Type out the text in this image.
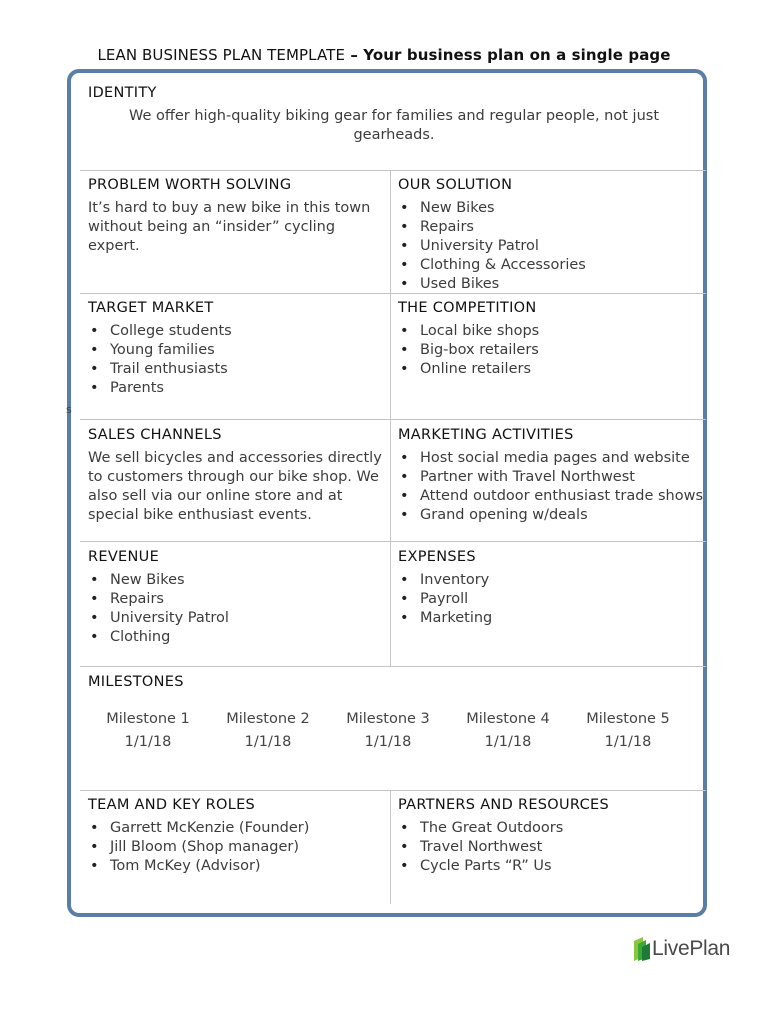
LEAN BUSINESS PLAN TEMPLATE – Your business plan on a single page
IDENTITY

We offer high-quality biking gear for families and regular people, not just gearheads.

PROBLEM WORTH SOLVING

It’s hard to buy a new bike in this town without being an “insider” cycling expert.

OUR SOLUTION
• New Bikes
• Repairs
• University Patrol
• Clothing & Accessories
• Used Bikes
TARGET MARKET
• College students
• Young families
• Trail enthusiasts
• Parents
THE COMPETITION
• Local bike shops
• Big-box retailers
• Online retailers
s
SALES CHANNELS

We sell bicycles and accessories directly to customers through our bike shop. We also sell via our online store and at special bike enthusiast events.

MARKETING ACTIVITIES
• Host social media pages and website
• Partner with Travel Northwest
• Attend outdoor enthusiast trade shows
• Grand opening w/deals
REVENUE
• New Bikes
• Repairs
• University Patrol
• Clothing
EXPENSES
• Inventory
• Payroll
• Marketing
MILESTONES
Milestone 1
1/1/18
Milestone 2
1/1/18
Milestone 3
1/1/18
Milestone 4
1/1/18
Milestone 5
1/1/18
TEAM AND KEY ROLES
• Garrett McKenzie (Founder)
• Jill Bloom (Shop manager)
• Tom McKey (Advisor)
PARTNERS AND RESOURCES
• The Great Outdoors
• Travel Northwest
• Cycle Parts “R” Us
LivePlan
